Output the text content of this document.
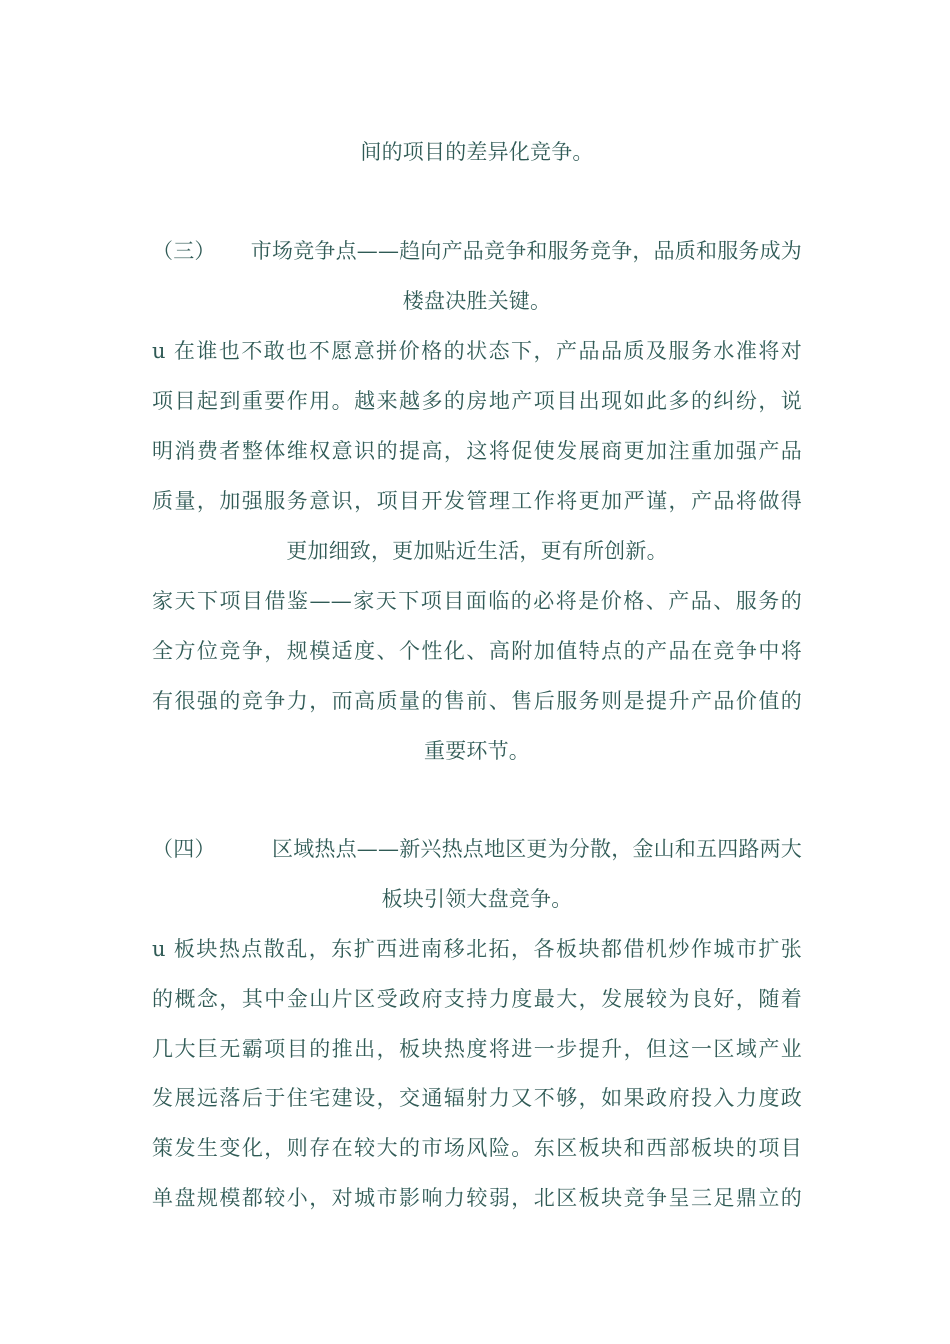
间的项目的差异化竞争。
（三） 市场竞争点——趋向产品竞争和服务竞争，品质和服务成为
楼盘决胜关键。
u 在谁也不敢也不愿意拼价格的状态下，产品品质及服务水准将对
项目起到重要作用。越来越多的房地产项目出现如此多的纠纷，说
明消费者整体维权意识的提高，这将促使发展商更加注重加强产品
质量，加强服务意识，项目开发管理工作将更加严谨，产品将做得
更加细致，更加贴近生活，更有所创新。
家天下项目借鉴——家天下项目面临的必将是价格、产品、服务的
全方位竞争，规模适度、个性化、高附加值特点的产品在竞争中将
有很强的竞争力，而高质量的售前、售后服务则是提升产品价值的
重要环节。
（四）	区域热点——新兴热点地区更为分散，金山和五四路两大
板块引领大盘竞争。
u 板块热点散乱，东扩西进南移北拓，各板块都借机炒作城市扩张
的概念，其中金山片区受政府支持力度最大，发展较为良好，随着
几大巨无霸项目的推出，板块热度将进一步提升，但这一区域产业
发展远落后于住宅建设，交通辐射力又不够，如果政府投入力度政
策发生变化，则存在较大的市场风险。东区板块和西部板块的项目
单盘规模都较小，对城市影响力较弱，北区板块竞争呈三足鼎立的
